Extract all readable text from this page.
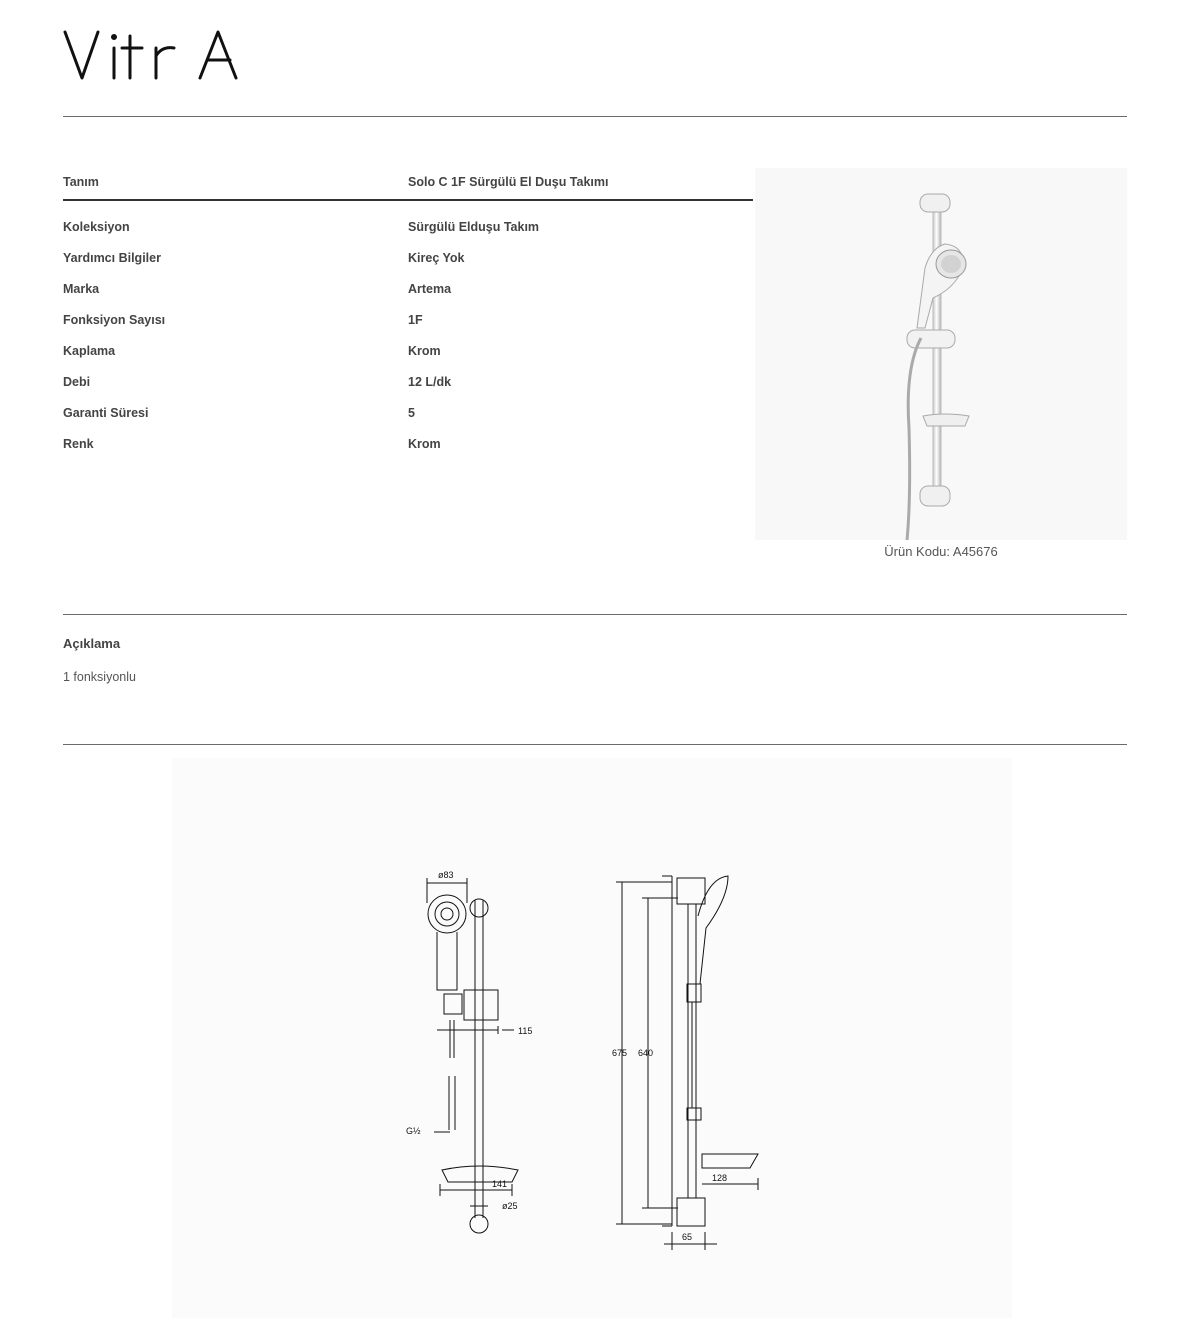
Tanım	Solo C 1F Sürgülü El Duşu Takımı
Koleksiyon	Sürgülü Elduşu Takım
Yardımcı Bilgiler	Kireç Yok
Marka	Artema
Fonksiyon Sayısı	1F
Kaplama	Krom
Debi	12 L/dk
Garanti Süresi	5
Renk	Krom
Ürün Kodu: A45676
Açıklama
1 fonksiyonlu
ø83
115
G½
141
ø25
675 640
128
65
